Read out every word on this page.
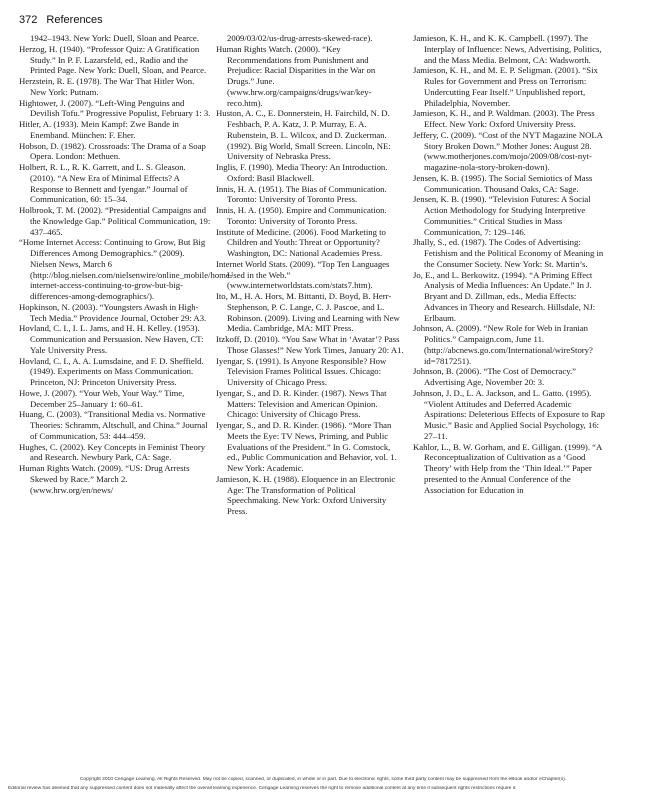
372 References

1942–1943. New York: Duell, Sloan and Pearce.

Herzog, H. (1940). “Professor Quiz: A Gratification Study.” In P. F. Lazarsfeld, ed., Radio and the Printed Page. New York: Duell, Sloan, and Pearce.

Herzstein, R. E. (1978). The War That Hitler Won. New York: Putnam.

Hightower, J. (2007). “Left-Wing Penguins and Devilish Tofu.” Progressive Populist, February 1: 3.

Hitler, A. (1933). Mein Kampf: Zwe Bande in Enemband. München: F. Eher.

Hobson, D. (1982). Crossroads: The Drama of a Soap Opera. London: Methuen.

Holbert, R. L., R. K. Garrett, and L. S. Gleason. (2010). “A New Era of Minimal Effects? A Response to Bennett and Iyengar.” Journal of Communication, 60: 15–34.

Holbrook, T. M. (2002). “Presidential Campaigns and the Knowledge Gap.” Political Communication, 19: 437–465.

“Home Internet Access: Continuing to Grow, But Big Differences Among Demographics.” (2009). Nielsen News, March 6 (http://blog.nielsen.com/nielsenwire/online_mobile/home-internet-access-continuing-to-grow-but-big-differences-among-demographics/).

Hopkinson, N. (2003). “Youngsters Awash in High-Tech Media.” Providence Journal, October 29: A3.

Hovland, C. I., I. L. Jams, and H. H. Kelley. (1953). Communication and Persuasion. New Haven, CT: Yale University Press.

Hovland, C. I., A. A. Lumsdaine, and F. D. Sheffield. (1949). Experiments on Mass Communication. Princeton, NJ: Princeton University Press.

Howe, J. (2007). “Your Web, Your Way.” Time, December 25–January 1: 60–61.

Huang, C. (2003). “Transitional Media vs. Normative Theories: Schramm, Altschull, and China.” Journal of Communication, 53: 444–459.

Hughes, C. (2002). Key Concepts in Feminist Theory and Research. Newbury Park, CA: Sage.

Human Rights Watch. (2009). “US: Drug Arrests Skewed by Race.” March 2. (www.hrw.org/en/news/

2009/03/02/us-drug-arrests-skewed-race).

Human Rights Watch. (2000). “Key Recommendations from Punishment and Prejudice: Racial Disparities in the War on Drugs.” June. (www.hrw.org/campaigns/drugs/war/key-reco.htm).

Huston, A. C., E. Donnerstein, H. Fairchild, N. D. Feshbach, P. A. Katz, J. P. Murray, E. A. Rubenstein, B. L. Wilcox, and D. Zuckerman. (1992). Big World, Small Screen. Lincoln, NE: University of Nebraska Press.

Inglis, F. (1990). Media Theory: An Introduction. Oxford: Basil Blackwell.

Innis, H. A. (1951). The Bias of Communication. Toronto: University of Toronto Press.

Innis, H. A. (1950). Empire and Communication. Toronto: University of Toronto Press.

Institute of Medicine. (2006). Food Marketing to Children and Youth: Threat or Opportunity? Washington, DC: National Academies Press.

Internet World Stats. (2009). “Top Ten Languages Used in the Web.” (www.internetworldstats.com/stats7.htm).

Ito, M., H. A. Hors, M. Bittanti, D. Boyd, B. Herr-Stephenson, P. C. Lange, C. J. Pascoe, and L. Robinson. (2009). Living and Learning with New Media. Cambridge, MA: MIT Press.

Itzkoff, D. (2010). “You Saw What in ‘Avatar’? Pass Those Glasses!” New York Times, January 20: A1.

Iyengar, S. (1991). Is Anyone Responsible? How Television Frames Political Issues. Chicago: University of Chicago Press.

Iyengar, S., and D. R. Kinder. (1987). News That Matters: Television and American Opinion. Chicago: University of Chicago Press.

Iyengar, S., and D. R. Kinder. (1986). “More Than Meets the Eye: TV News, Priming, and Public Evaluations of the President.” In G. Comstock, ed., Public Communication and Behavior, vol. 1. New York: Academic.

Jamieson, K. H. (1988). Eloquence in an Electronic Age: The Transformation of Political Speechmaking. New York: Oxford University Press.

Jamieson, K. H., and K. K. Campbell. (1997). The Interplay of Influence: News, Advertising, Politics, and the Mass Media. Belmont, CA: Wadsworth.

Jamieson, K. H., and M. E. P. Seligman. (2001). “Six Rules for Government and Press on Terrorism: Undercutting Fear Itself.” Unpublished report, Philadelphia, November.

Jamieson, K. H., and P. Waldman. (2003). The Press Effect. New York: Oxford University Press.

Jeffery, C. (2009). “Cost of the NYT Magazine NOLA Story Broken Down.” Mother Jones: August 28. (www.motherjones.com/mojo/2009/08/cost-nyt-magazine-nola-story-broken-down).

Jensen, K. B. (1995). The Social Semiotics of Mass Communication. Thousand Oaks, CA: Sage.

Jensen, K. B. (1990). “Television Futures: A Social Action Methodology for Studying Interpretive Communities.” Critical Studies in Mass Communication, 7: 129–146.

Jhally, S., ed. (1987). The Codes of Advertising: Fetishism and the Political Economy of Meaning in the Consumer Society. New York: St. Martin’s.

Jo, E., and L. Berkowitz. (1994). “A Priming Effect Analysis of Media Influences: An Update.” In J. Bryant and D. Zillman, eds., Media Effects: Advances in Theory and Research. Hillsdale, NJ: Erlbaum.

Johnson, A. (2009). “New Role for Web in Iranian Politics.” Campaign.com, June 11. (http://abcnews.go.com/International/wireStory?id=7817251).

Johnson, B. (2006). “The Cost of Democracy.” Advertising Age, November 20: 3.

Johnson, J. D., L. A. Jackson, and L. Gatto. (1995). “Violent Attitudes and Deferred Academic Aspirations: Deleterious Effects of Exposure to Rap Music.” Basic and Applied Social Psychology, 16: 27–11.

Kahlor, L., B. W. Gorham, and E. Gilligan. (1999). “A Reconceptualization of Cultivation as a ‘Good Theory’ with Help from the ‘Thin Ideal.’” Paper presented to the Annual Conference of the Association for Education in

Copyright 2010 Cengage Learning. All Rights Reserved. May not be copied, scanned, or duplicated, in whole or in part. Due to electronic rights, some third party content may be suppressed from the eBook and/or eChapter(s).
Editorial review has deemed that any suppressed content does not materially affect the overall learning experience. Cengage Learning reserves the right to remove additional content at any time if subsequent rights restrictions require it.
